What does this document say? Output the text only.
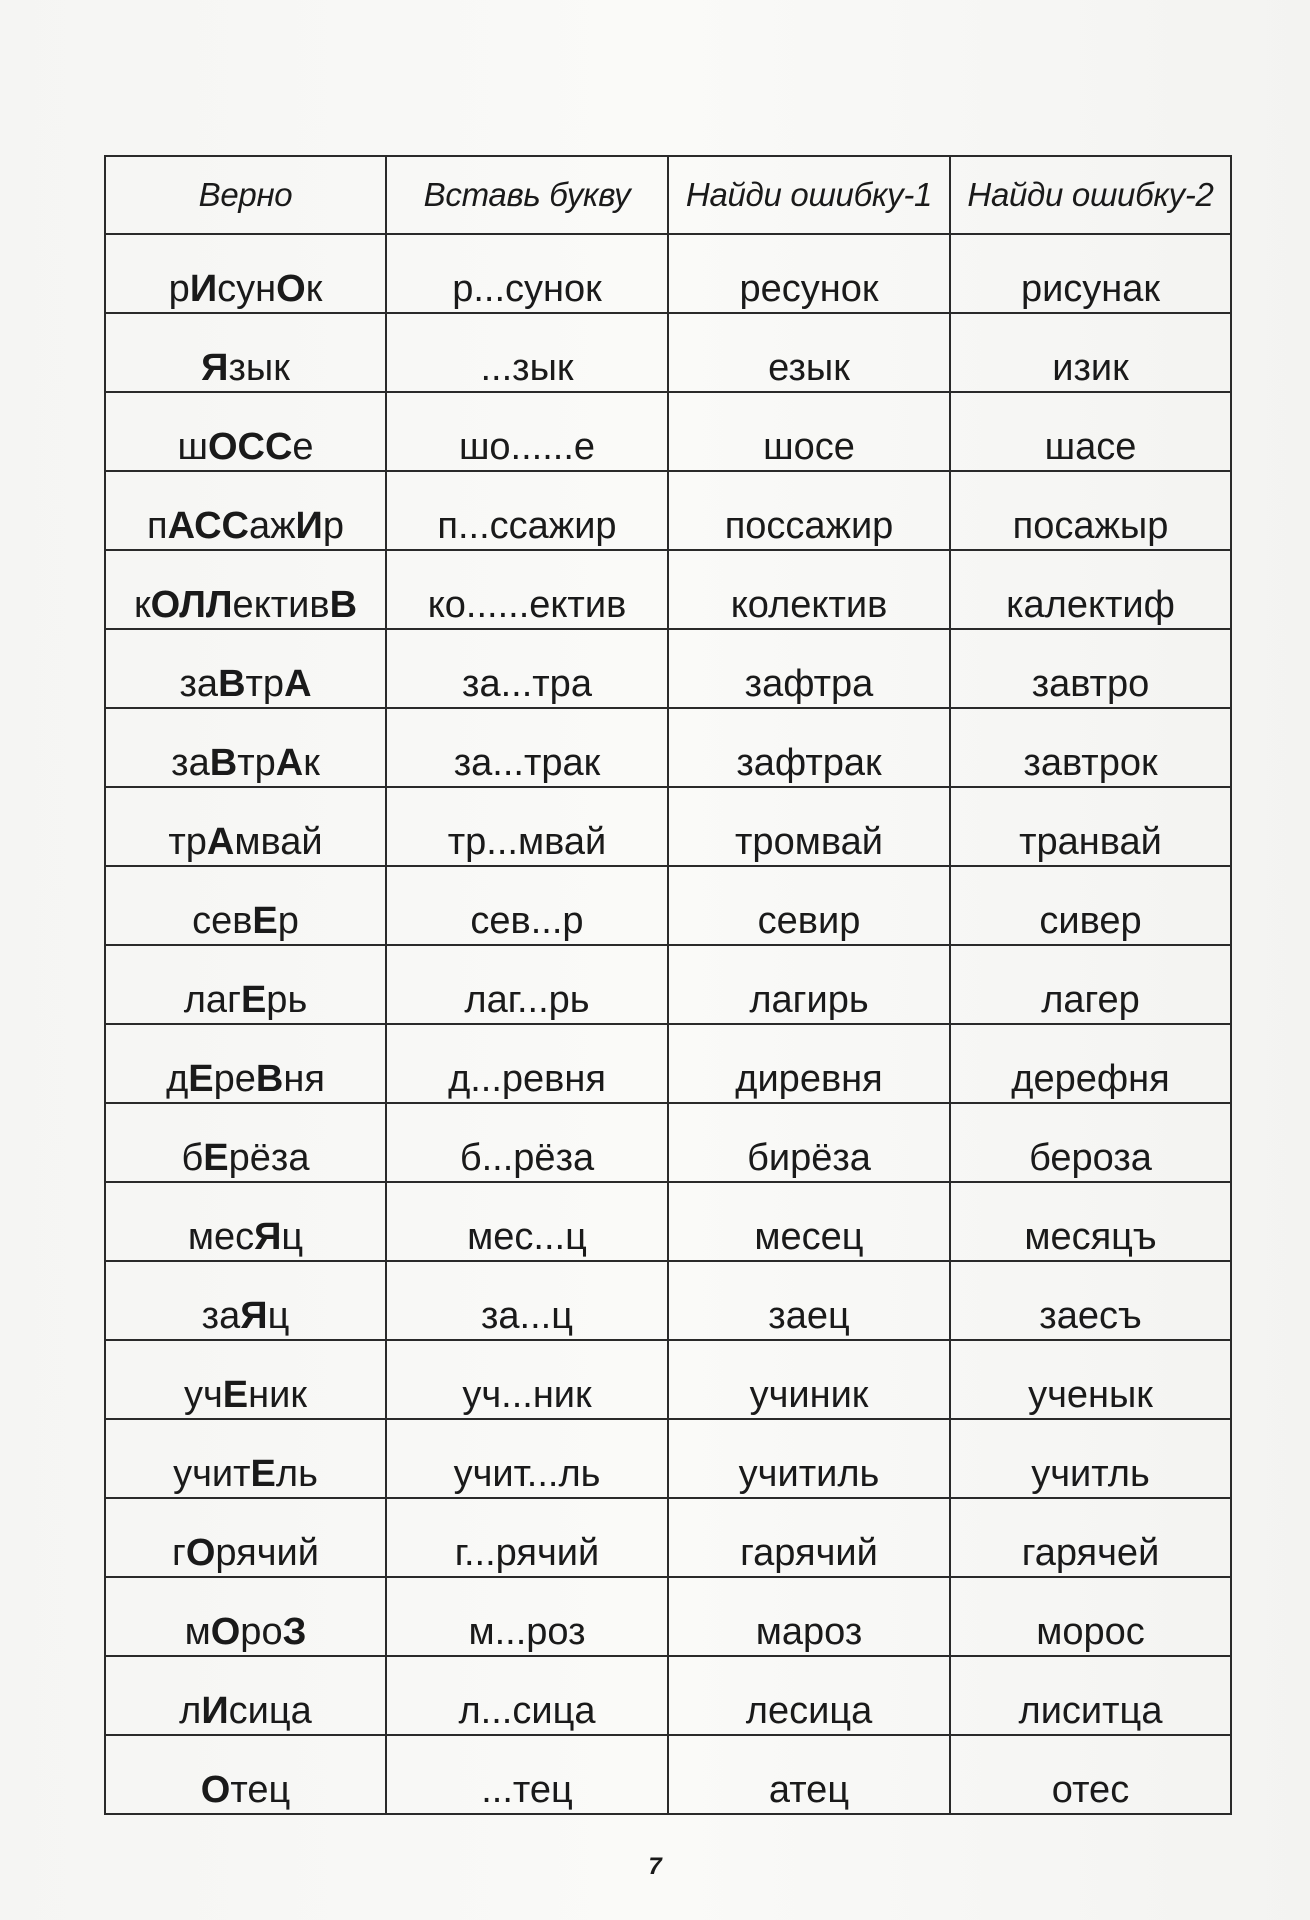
Верно	Вставь букву	Найди ошибку-1	Найди ошибку-2
рИсунОк	р...сунок	ресунок	рисунак
Язык	...зык	езык	изик
шОССе	шо......е	шосе	шасе
пАССажИр	п...ссажир	поссажир	посажыр
кОЛЛективВ	ко......ектив	колектив	калектиф
заВтрА	за...тра	зафтра	завтро
заВтрАк	за...трак	зафтрак	завтрок
трАмвай	тр...мвай	тромвай	транвай
севЕр	сев...р	севир	сивер
лагЕрь	лаг...рь	лагирь	лагер
дЕреВня	д...ревня	диревня	дерефня
бЕрёза	б...рёза	бирёза	бероза
месЯц	мес...ц	месец	месяцъ
заЯц	за...ц	заец	заесъ
учЕник	уч...ник	учиник	ученык
учитЕль	учит...ль	учитиль	учитль
гОрячий	г...рячий	гарячий	гарячей
мОроЗ	м...роз	мароз	морос
лИсица	л...сица	лесица	лиситца
Отец	...тец	атец	отес
7
